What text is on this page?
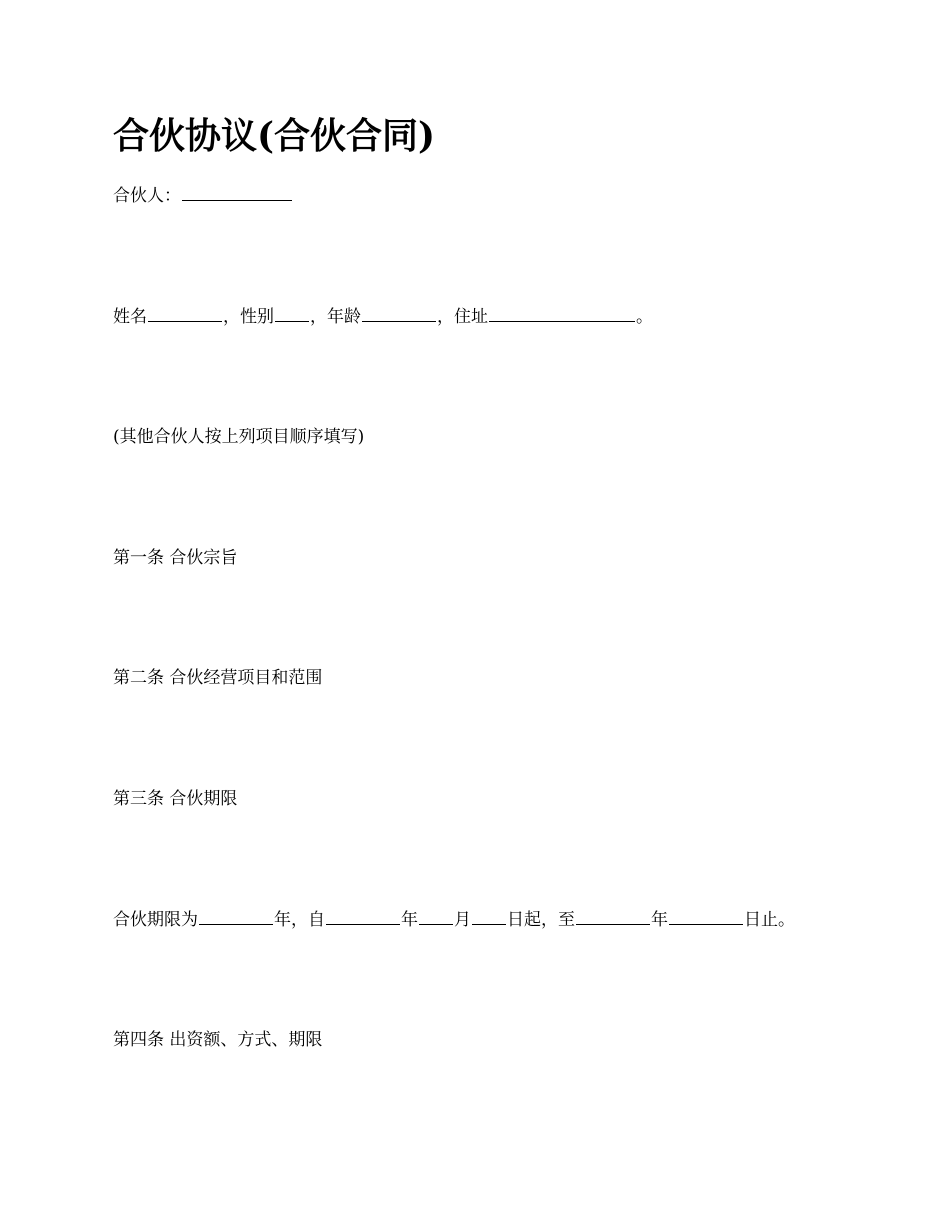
合伙协议(合伙合同)

合伙人：

姓名	，性别 ，年龄	，住址	。

(其他合伙人按上列项目顺序填写)

第一条 合伙宗旨

第二条 合伙经营项目和范围

第三条 合伙期限

合伙期限为	年，自	年 月 日起，至	年	日止。

第四条 出资额、方式、期限
